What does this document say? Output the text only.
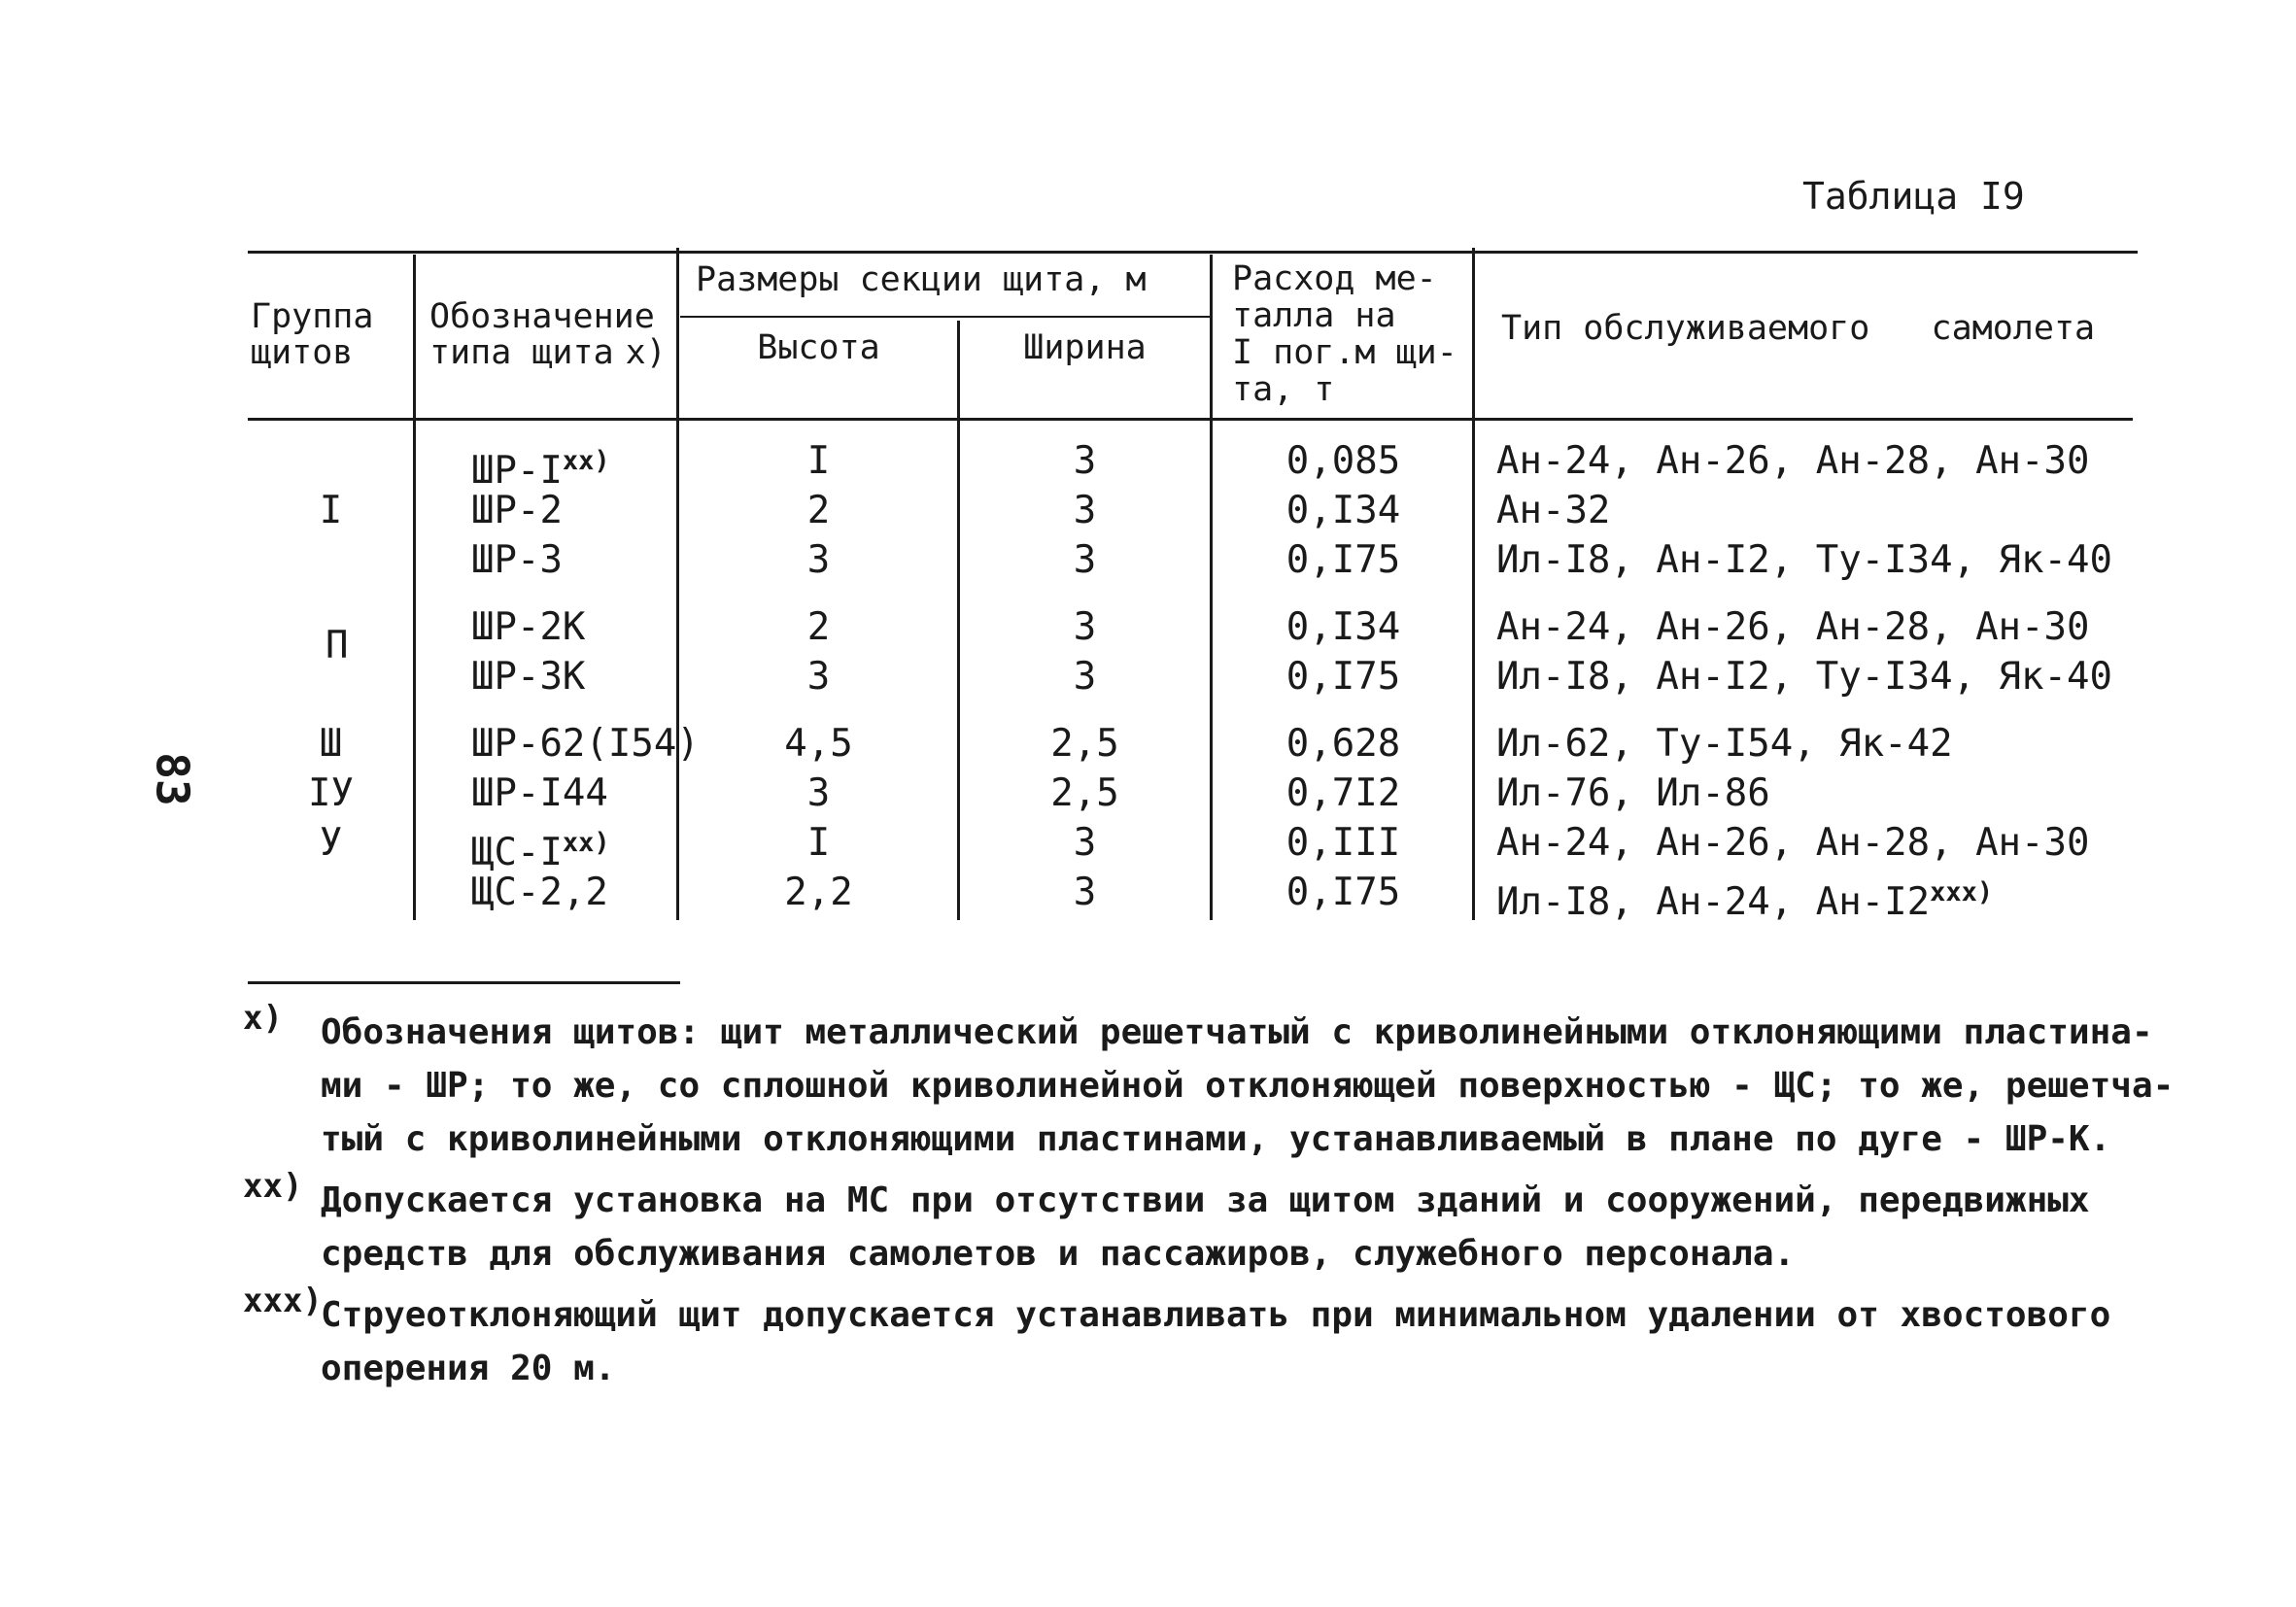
Таблица I9
83
Группа
щитов
Обозначение
типа щита x)
Размеры секции щита, м
Высота	Ширина
Расход ме-
талла на
I пог.м щи-
та, т
Тип обслуживаемого   самолета
I
Ш
IУ
У
П
$ШР-I^{хх)}$
ШР-2
ШР-3
ШР-2К
ШР-3К
ШР-62(I54)
ШР-I44
$ЩС-I^{хх)}$
ЩС-2,2
I
2
3
2
3
4,5
3
I
2,2
3
3
3
3
3
2,5
2,5
3
3
0,085
0,I34
0,I75
0,I34
0,I75
0,628
0,7I2
0,III
0,I75
Ан-24, Ан-26, Ан-28, Ан-30
Ан-32
Ил-I8, Ан-I2, Ту-I34, Як-40
Ан-24, Ан-26, Ан-28, Ан-30
Ил-I8, Ан-I2, Ту-I34, Як-40
Ил-62, Ту-I54, Як-42
Ил-76, Ил-86
Ан-24, Ан-26, Ан-28, Ан-30
Ил-I8, Ан-24, $Ан-I2^{ххх)}$
x) Обозначения щитов: щит металлический решетчатый с криволинейными отклоняющими пластина-
ми - ШР; то же, со сплошной криволинейной отклоняющей поверхностью - ЩС; то же, решетча-
тый с криволинейными отклоняющими пластинами, устанавливаемый в плане по дуге - ШР-К.
хх) Допускается установка на МС при отсутствии за щитом зданий и сооружений, передвижных
средств для обслуживания самолетов и пассажиров, служебного персонала.
ххх)
Струеотклоняющий щит допускается устанавливать при минимальном удалении от хвостового
оперения 20 м.
